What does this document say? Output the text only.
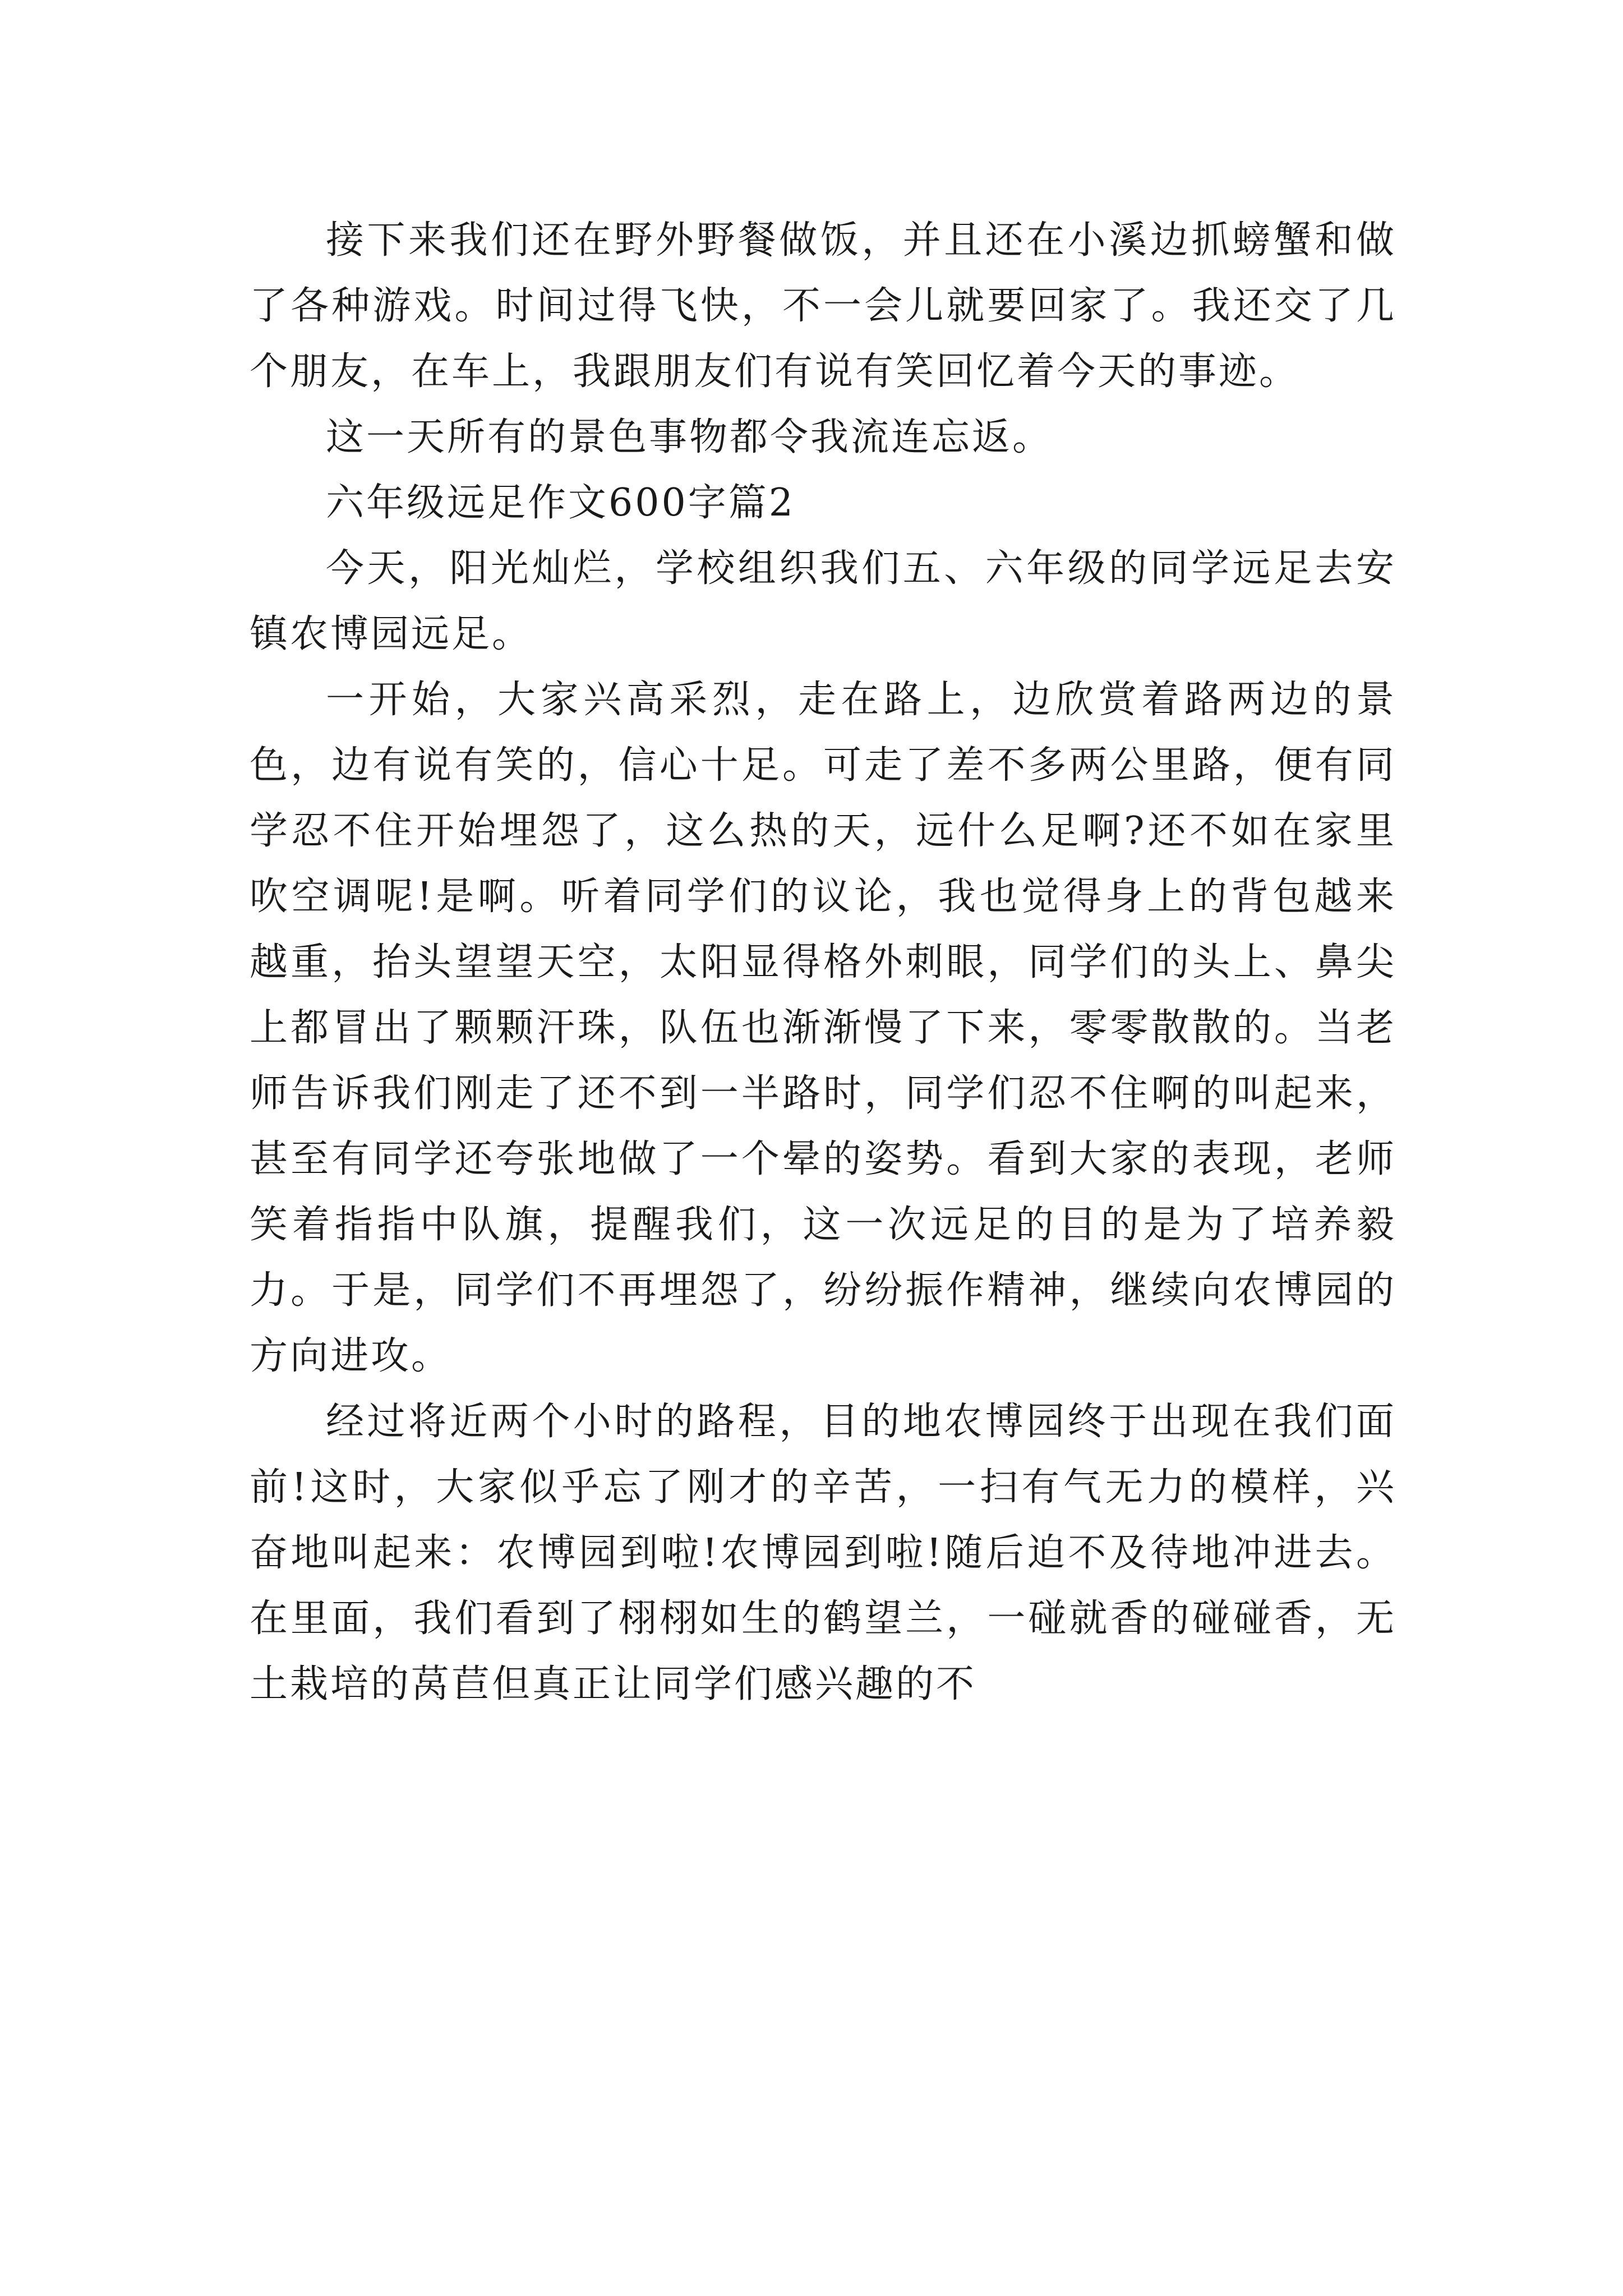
接下来我们还在野外野餐做饭，并且还在小溪边抓螃蟹和做了各种游戏。时间过得飞快，不一会儿就要回家了。我还交了几个朋友，在车上，我跟朋友们有说有笑回忆着今天的事迹。

这一天所有的景色事物都令我流连忘返。

六年级远足作文600字篇2

今天，阳光灿烂，学校组织我们五、六年级的同学远足去安镇农博园远足。

一开始，大家兴高采烈，走在路上，边欣赏着路两边的景色，边有说有笑的，信心十足。可走了差不多两公里路，便有同学忍不住开始埋怨了，这么热的天，远什么足啊?还不如在家里吹空调呢!是啊。听着同学们的议论，我也觉得身上的背包越来越重，抬头望望天空，太阳显得格外刺眼，同学们的头上、鼻尖上都冒出了颗颗汗珠，队伍也渐渐慢了下来，零零散散的。当老师告诉我们刚走了还不到一半路时，同学们忍不住啊的叫起来，甚至有同学还夸张地做了一个晕的姿势。看到大家的表现，老师笑着指指中队旗，提醒我们，这一次远足的目的是为了培养毅力。于是，同学们不再埋怨了，纷纷振作精神，继续向农博园的方向进攻。

经过将近两个小时的路程，目的地农博园终于出现在我们面前!这时，大家似乎忘了刚才的辛苦，一扫有气无力的模样，兴奋地叫起来：农博园到啦!农博园到啦!随后迫不及待地冲进去。在里面，我们看到了栩栩如生的鹤望兰，一碰就香的碰碰香，无土栽培的莴苣但真正让同学们感兴趣的不
